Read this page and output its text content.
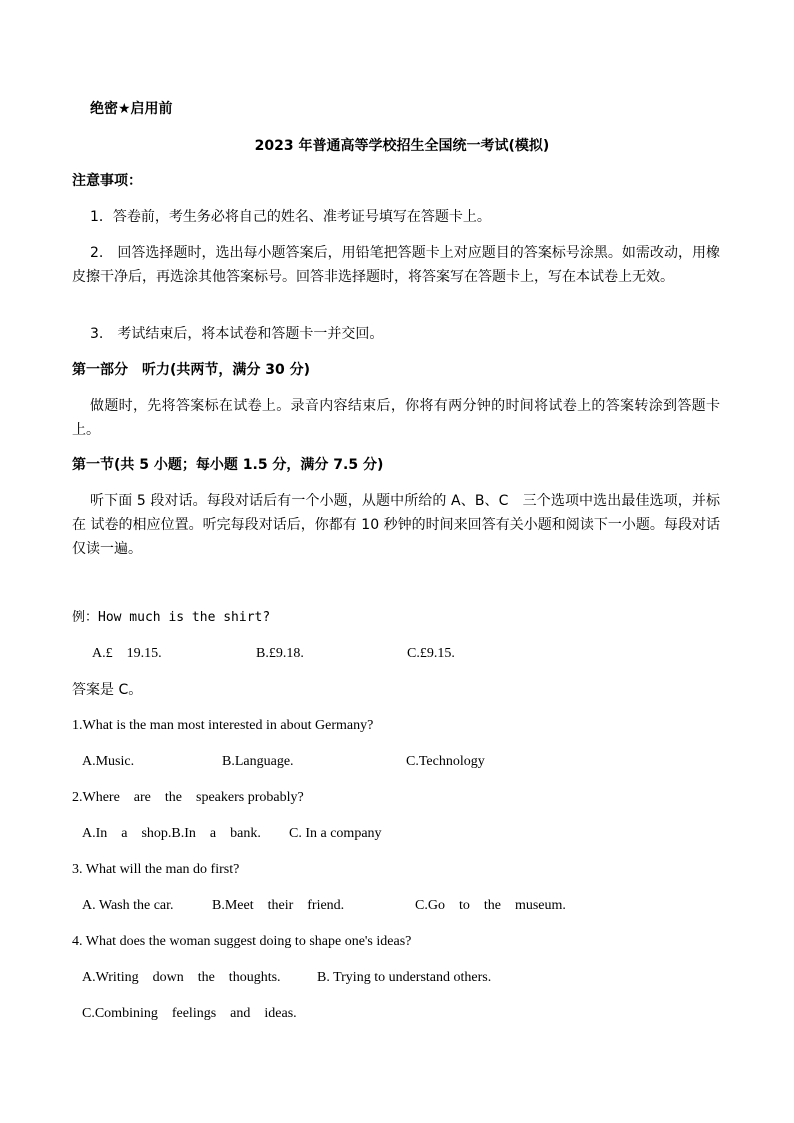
绝密★启用前
2023 年普通高等学校招生全国统一考试(模拟)
注意事项：
1．答卷前，考生务必将自己的姓名、准考证号填写在答题卡上。
2.　回答选择题时，选出每小题答案后，用铅笔把答题卡上对应题目的答案标号涂黑。如需改动，用橡 皮擦干净后，再选涂其他答案标号。回答非选择题时，将答案写在答题卡上，写在本试卷上无效。
3.　考试结束后，将本试卷和答题卡一并交回。
第一部分　听力(共两节，满分 30 分)
做题时，先将答案标在试卷上。录音内容结束后，你将有两分钟的时间将试卷上的答案转涂到答题卡 上。
第一节(共 5 小题；每小题 1.5 分，满分 7.5 分)
听下面 5 段对话。每段对话后有一个小题，从题中所给的 A、B、C　三个选项中选出最佳选项，并标在 试卷的相应位置。听完每段对话后，你都有 10 秒钟的时间来回答有关小题和阅读下一小题。每段对话仅读一遍。
例：How much is the shirt?
A.£　19.15.	B.£9.18.	C.£9.15.
答案是 C。
1.What is the man most interested in about Germany?
A.Music.	B.Language.	C.Technology
2.Where　are　the　speakers probably?
A.In　a　shop.B.In　a　bank. C. In a company
3. What will the man do first?
A. Wash the car.	B.Meet　their　friend.	C.Go　to　the　museum.
4. What does the woman suggest doing to shape one's ideas?
A.Writing　down　the　thoughts.	B. Trying to understand others.
C.Combining　feelings　and　ideas.
